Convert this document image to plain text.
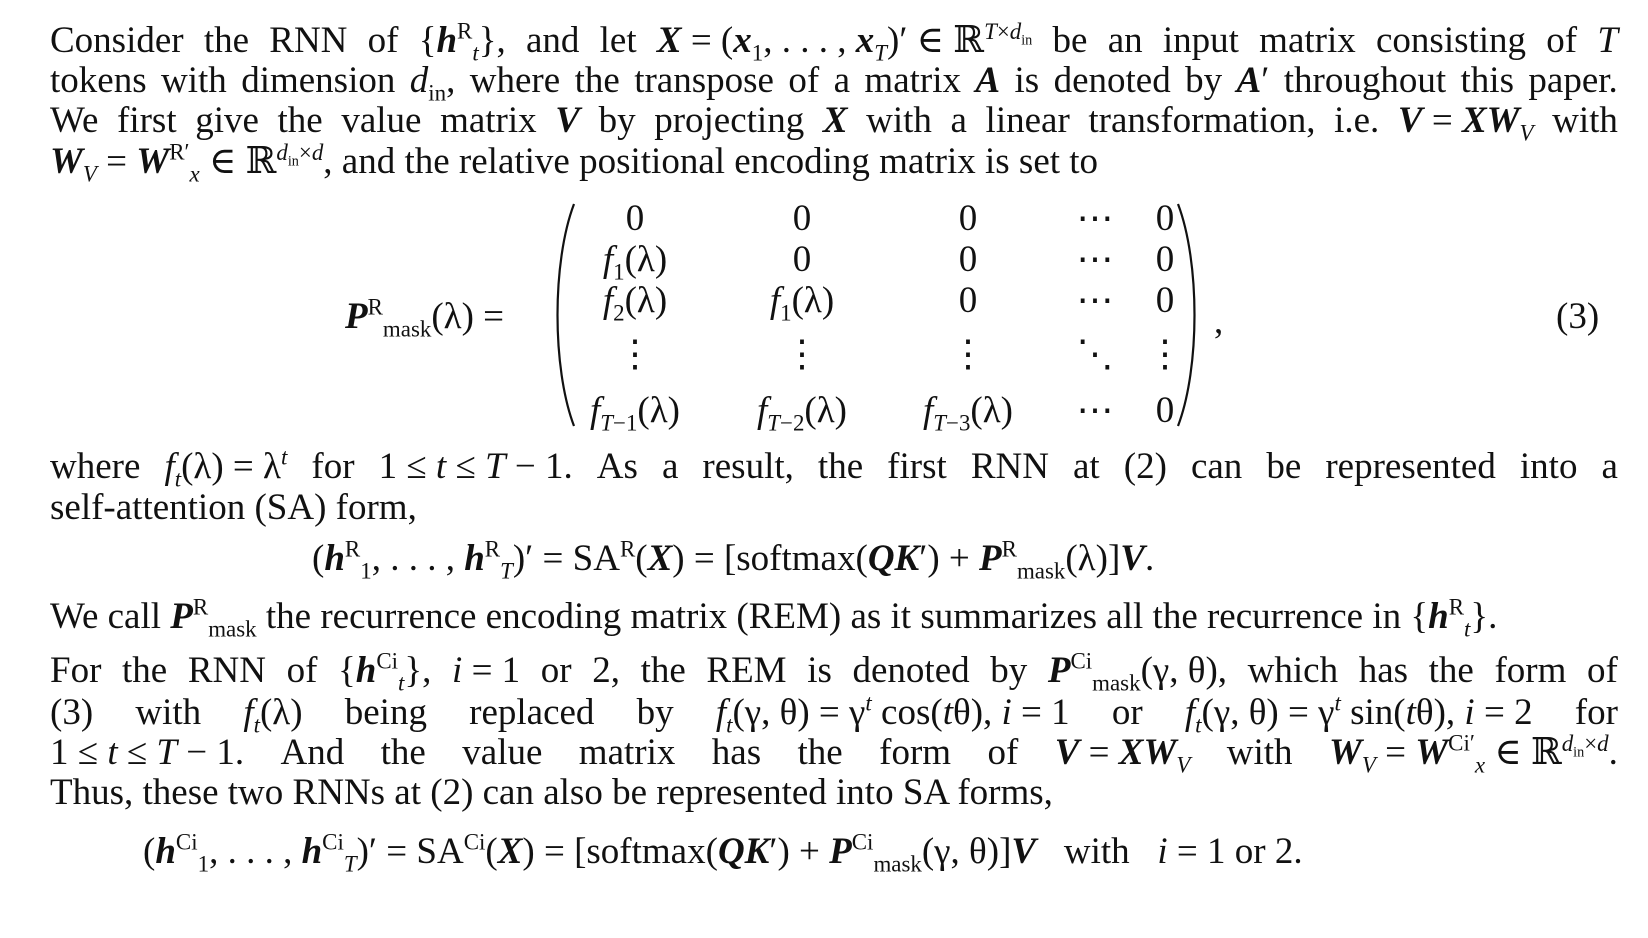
Consider the RNN of $\{h^R_t\}$, and let $X = (x_1$, . . . , $x_T)'$ ∈ ℝ$^{T\times d_{in}}$ be an input matrix consisting of T
tokens with dimension $d_{in}$, where the transpose of a matrix A is denoted by A′ throughout this paper.
We first give the value matrix V by projecting X with a linear transformation, i.e. $V = XW_V$ with
$W_V = W^{R'}_x$ ∈ ℝ$^{d_{in}\times d}$, and the relative positional encoding matrix is set to
$P^R_{mask}(\lambda)$ =
0	0	0	⋯	0
$f_1(\lambda)$	0	0	⋯	0
$f_2(\lambda)$	$f_1(\lambda)$	0	⋯	0
⋮	⋮	⋮	⋱ ⋮
$f_{T-1}(\lambda)$	$f_{T-2}(\lambda)$	$f_{T-3}(\lambda)$	⋯	0
,	(3)
where $f_t(\lambda) = \lambda^t$ for 1 ≤ t ≤ T − 1. As a result, the first RNN at (2) can be represented into a
self-attention (SA) form,
($h^R_1$, . . . , $h^R_T)' = SA^R(X)$ = [softmax(QK′) + $P^R_{mask}(\lambda)]V$.
We call $P^R_{mask}$ the recurrence encoding matrix (REM) as it summarizes all the recurrence in $\{h^R_t\}$.
For the RNN of $\{h^{Ci}_t\}$, i = 1 or 2, the REM is denoted by $P^{Ci}_{mask}(\gamma$, θ), which has the form of
(3) with $f_t(\lambda)$ being replaced by $f_t(\gamma$, $\theta) = \gamma^t$ cos(tθ), i = 1 or $f_t(\gamma$, $\theta) = \gamma^t$ sin(tθ), i = 2 for
1 ≤ t ≤ T − 1. And the value matrix has the form of $V = XW_V$ with $W_V = W^{Ci'}_x$ ∈ ℝ$^{d_{in}\times d}$.
Thus, these two RNNs at (2) can also be represented into SA forms,
($h^{Ci}_1$, . . . , $h^{Ci}_T)' = SA^{Ci}(X)$ = [softmax(QK′) + $P^{Ci}_{mask}(\gamma$, θ)]V   with   i = 1 or 2.
